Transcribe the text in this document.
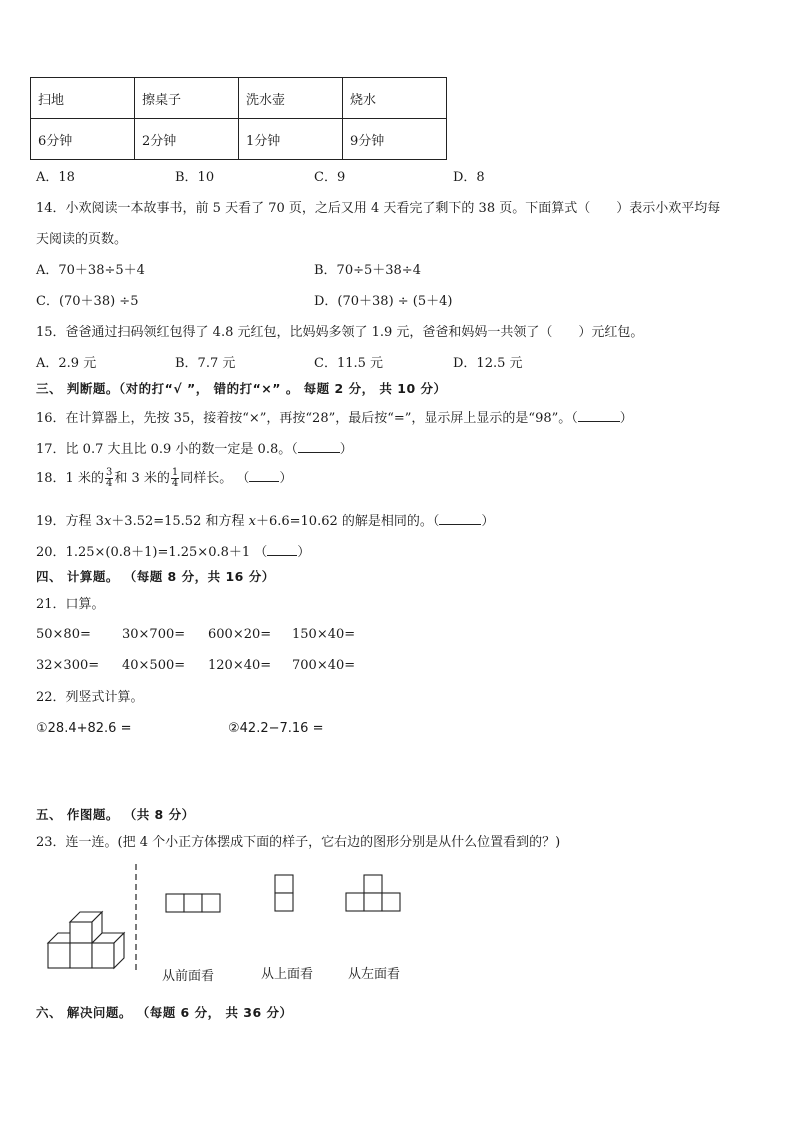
扫地	擦桌子	洗水壶	烧水
6分钟	2分钟	1分钟	9分钟
A．18	B．10	C．9	D．8
14．小欢阅读一本故事书，前 5 天看了 70 页，之后又用 4 天看完了剩下的 38 页。下面算式（　　）表示小欢平均每
天阅读的页数。
A．70＋38÷5＋4	B．70÷5＋38÷4
C．(70＋38) ÷5	D．(70＋38) ÷ (5＋4)
15．爸爸通过扫码领红包得了 4.8 元红包，比妈妈多领了 1.9 元，爸爸和妈妈一共领了（　　）元红包。
A．2.9 元	B．7.7 元	C．11.5 元	D．12.5 元
三、 判断题。（对的打“√ ”， 错的打“×” 。 每题 2 分， 共 10 分）
16．在计算器上，先按 35，接着按“×”，再按“28”，最后按“=”，显示屏上显示的是“98”。（	）
17．比 0.7 大且比 0.9 小的数一定是 0.8。（	）
18．1 米的 $\frac{3}{4}$ 和 3 米的 $\frac{1}{4}$ 同样长。 （ ）
19．方程 3x＋3.52=15.52 和方程 x＋6.6=10.62 的解是相同的。（	）
20．1.25×(0.8＋1)=1.25×0.8＋1 （ ）
四、 计算题。 （每题 8 分，共 16 分）
21．口算。
50×80= 30×700= 600×20= 150×40=
32×300= 40×500= 120×40= 700×40=
22．列竖式计算。
①28.4+82.6 =	②42.2−7.16 =
五、 作图题。 （共 8 分）
23．连一连。(把 4 个小正方体摆成下面的样子，它右边的图形分别是从什么位置看到的？)
从前面看	从上面看	从左面看
六、 解决问题。 （每题 6 分， 共 36 分）
